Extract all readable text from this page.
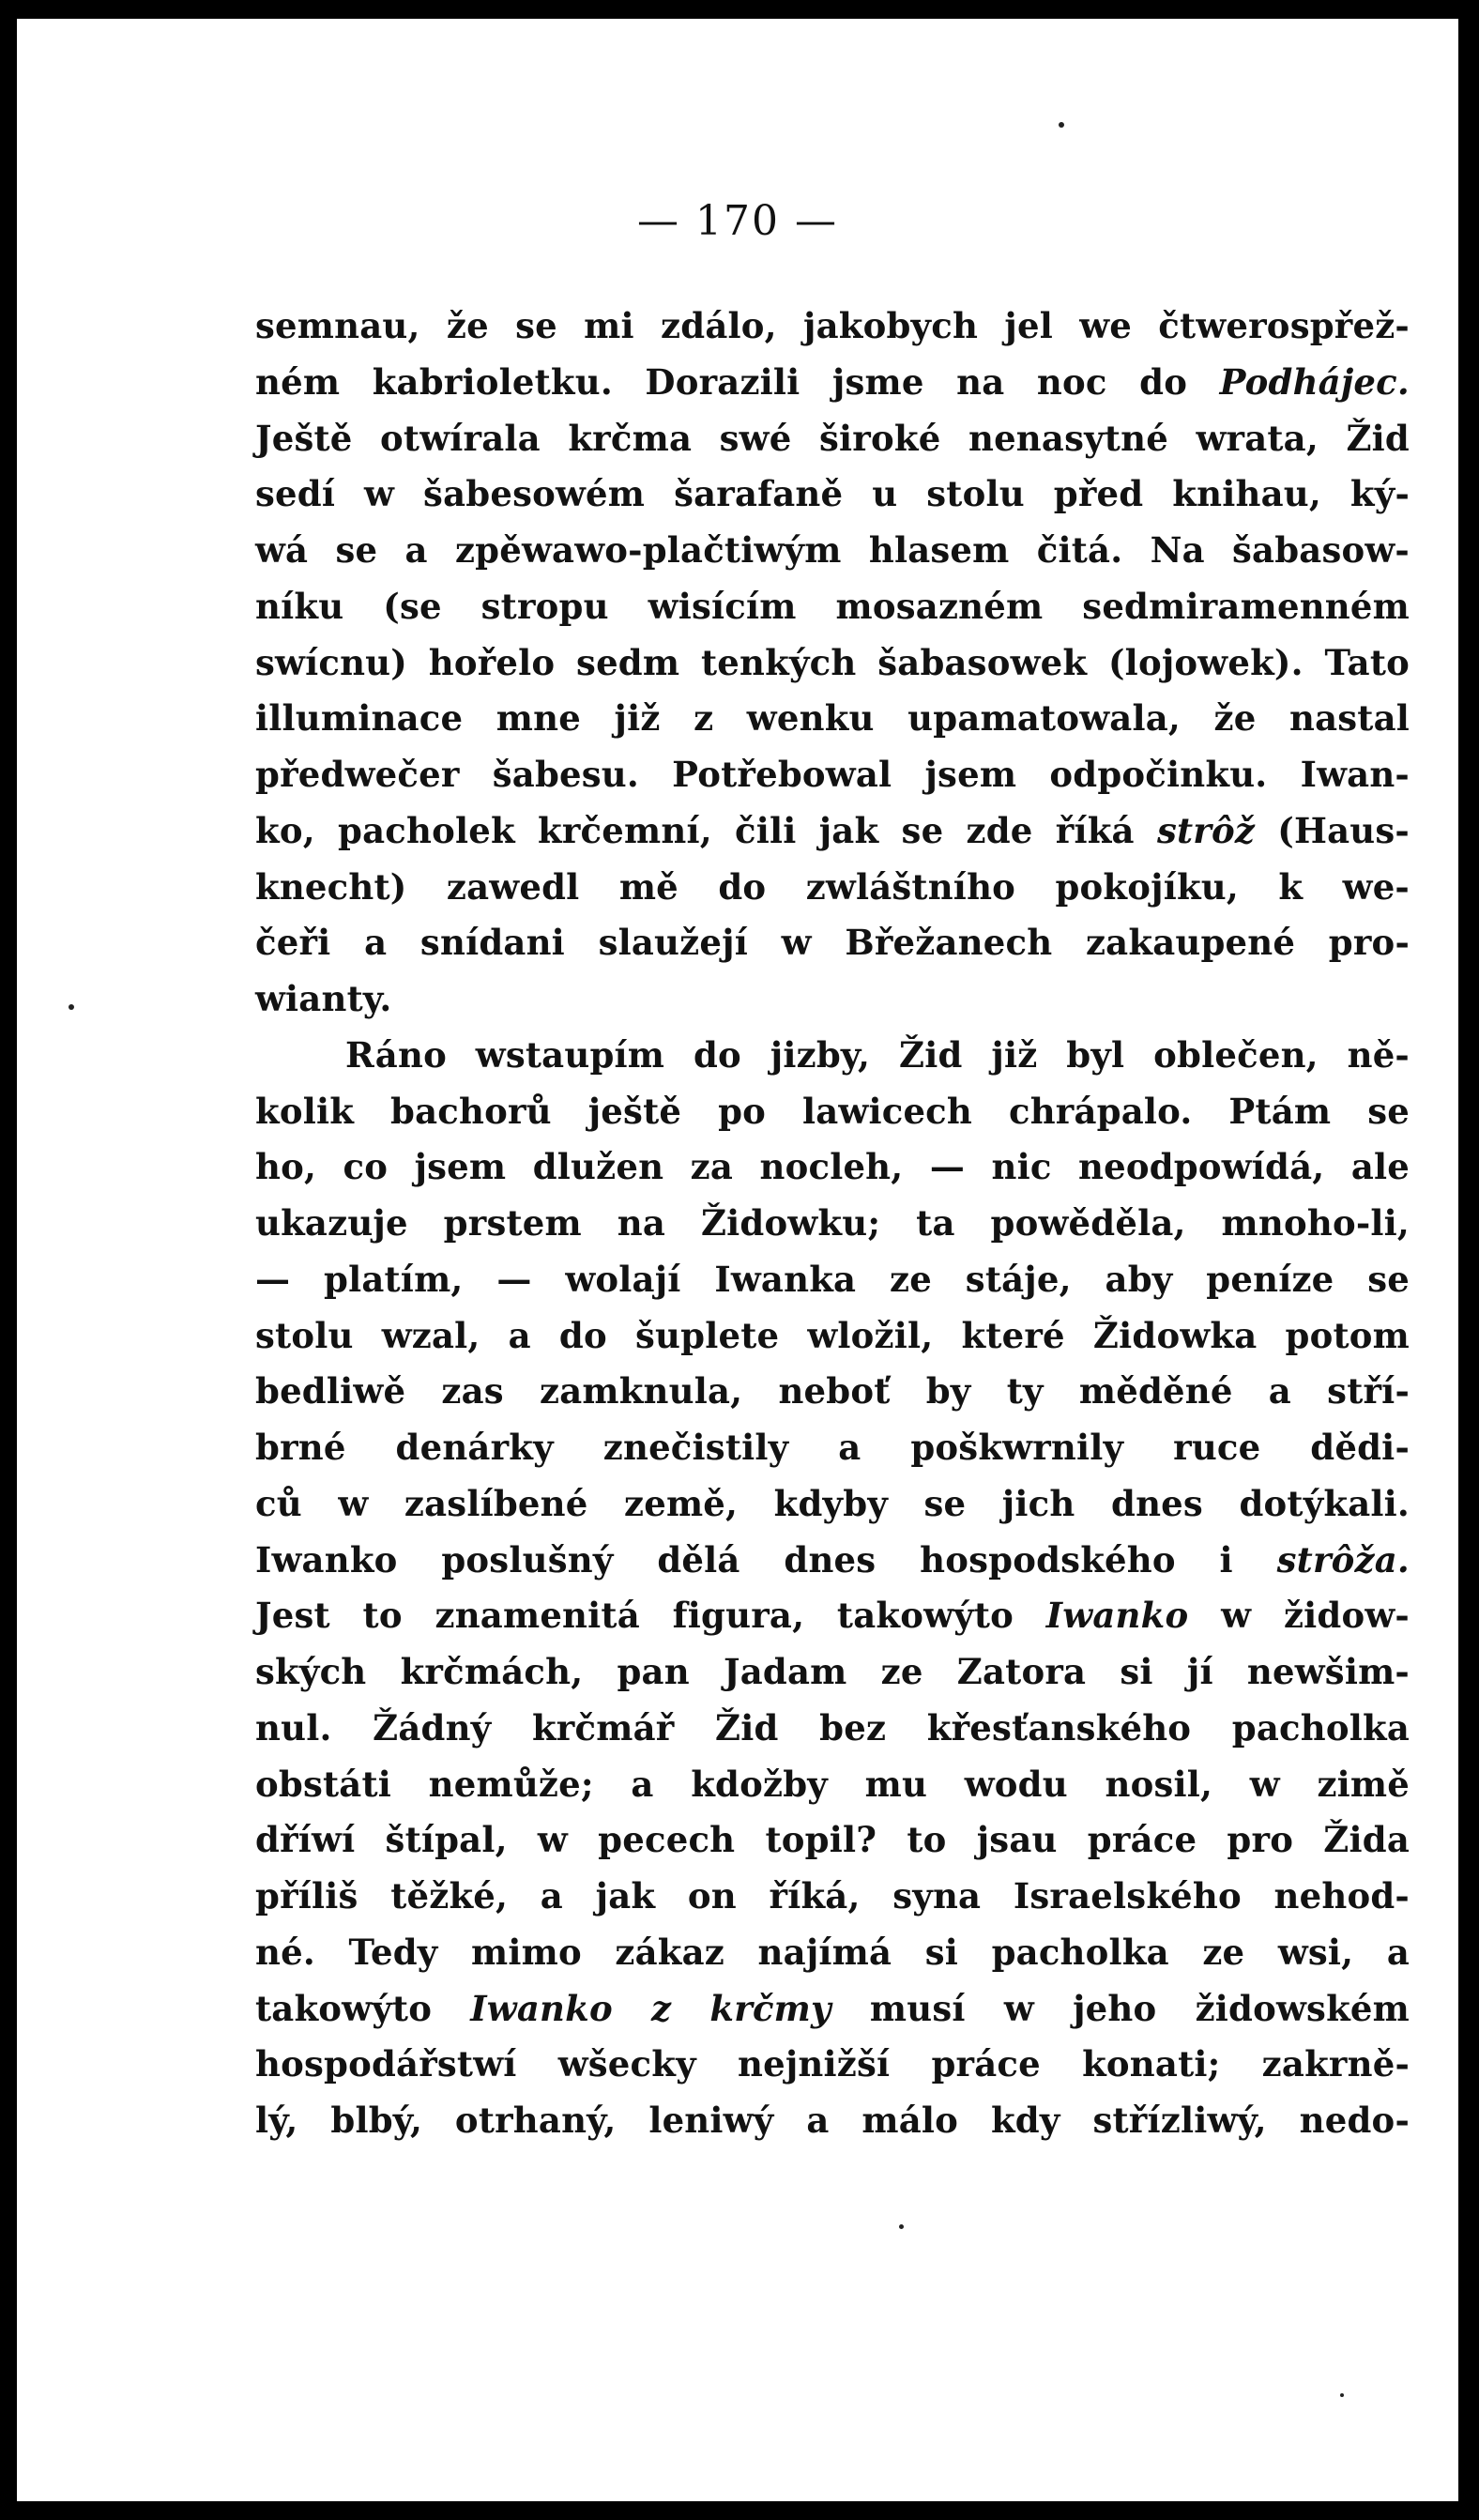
— 170 —
semnau, že se mi zdálo, jakobych jel we čtwerospřež-
ném kabrioletku. Dorazili jsme na noc do Podhájec.
Ještě otwírala krčma swé široké nenasytné wrata, Žid
sedí w šabesowém šarafaně u stolu před knihau, ký-
wá se a zpěwawo-plačtiwým hlasem čitá. Na šabasow-
níku (se stropu wisícím mosazném sedmiramenném
swícnu) hořelo sedm tenkých šabasowek (lojowek). Tato
illuminace mne již z wenku upamatowala, že nastal
předwečer šabesu. Potřebowal jsem odpočinku. Iwan-
ko, pacholek krčemní, čili jak se zde říká strôž (Haus-
knecht) zawedl mě do zwláštního pokojíku, k we-
čeři a snídani slaužejí w Břežanech zakaupené pro-
wianty.
Ráno wstaupím do jizby, Žid již byl oblečen, ně-
kolik bachorů ještě po lawicech chrápalo. Ptám se
ho, co jsem dlužen za nocleh, — nic neodpowídá, ale
ukazuje prstem na Židowku; ta powěděla, mnoho-li,
— platím, — wolají Iwanka ze stáje, aby peníze se
stolu wzal, a do šuplete wložil, které Židowka potom
bedliwě zas zamknula, neboť by ty měděné a stří-
brné denárky znečistily a poškwrnily ruce dědi-
ců w zaslíbené země, kdyby se jich dnes dotýkali.
Iwanko poslušný dělá dnes hospodského i strôža.
Jest to znamenitá figura, takowýto Iwanko w židow-
ských krčmách, pan Jadam ze Zatora si jí newšim-
nul. Žádný krčmář Žid bez křesťanského pacholka
obstáti nemůže; a kdožby mu wodu nosil, w zimě
dříwí štípal, w pecech topil? to jsau práce pro Žida
příliš těžké, a jak on říká, syna Israelského nehod-
né. Tedy mimo zákaz najímá si pacholka ze wsi, a
takowýto Iwanko z krčmy musí w jeho židowském
hospodářstwí wšecky nejnižší práce konati; zakrně-
lý, blbý, otrhaný, leniwý a málo kdy střízliwý, nedo-
